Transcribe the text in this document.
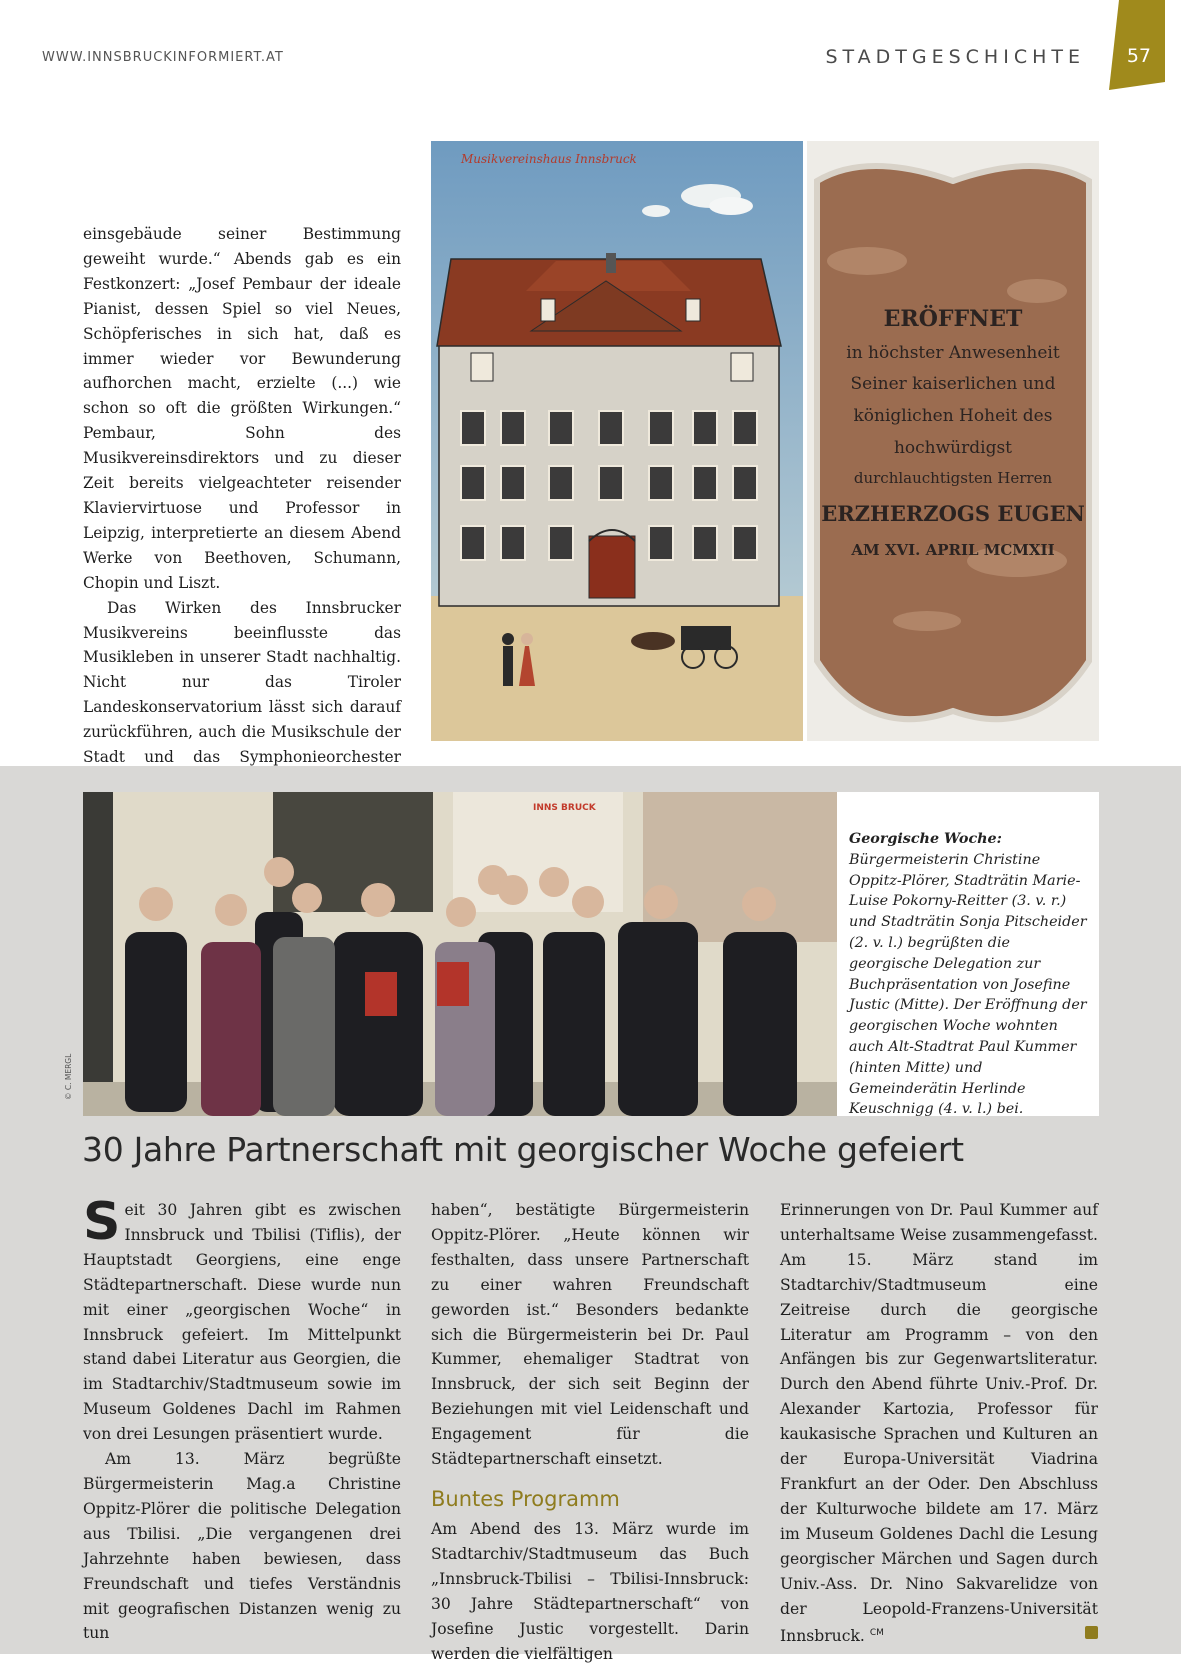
WWW.INNSBRUCKINFORMIERT.AT	STADTGESCHICHTE 57

einsgebäude seiner Bestimmung geweiht wurde.“ Abends gab es ein Festkonzert: „Josef Pembaur der ideale Pianist, dessen Spiel so viel Neues, Schöpferisches in sich hat, daß es immer wieder vor Bewunderung aufhorchen macht, erzielte (...) wie schon so oft die größten Wirkungen.“ Pembaur, Sohn des Musikvereinsdirektors und zu dieser Zeit bereits vielgeachteter reisender Klaviervirtuose und Professor in Leipzig, interpretierte an diesem Abend Werke von Beethoven, Schumann, Chopin und Liszt.

Das Wirken des Innsbrucker Musikvereins beeinflusste das Musikleben in unserer Stadt nachhaltig. Nicht nur das Tiroler Landeskonservatorium lässt sich darauf zurückführen, auch die Musikschule der Stadt und das Symphonieorchester

Musikvereinshaus Innsbruck
ERÖFFNET
in höchster Anwesenheit
Seiner kaiserlichen und
königlichen Hoheit des
hochwürdigst
durchlauchtigsten Herren
ERZHERZOGS EUGEN
AM XVI. APRIL MCMXII
INNS BRUCK
© C. MERGL
Georgische Woche: Bürgermeisterin Christine Oppitz-Plörer, Stadträtin Marie-Luise Pokorny-Reitter (3. v. r.) und Stadträtin Sonja Pitscheider (2. v. l.) begrüßten die georgische Delegation zur Buchpräsentation von Josefine Justic (Mitte). Der Eröffnung der georgischen Woche wohnten auch Alt-Stadtrat Paul Kummer (hinten Mitte) und Gemeinderätin Herlinde Keuschnigg (4. v. l.) bei.
30 Jahre Partnerschaft mit georgischer Woche gefeiert

Seit 30 Jahren gibt es zwischen Innsbruck und Tbilisi (Tiflis), der Hauptstadt Georgiens, eine enge Städtepartnerschaft. Diese wurde nun mit einer „georgischen Woche“ in Innsbruck gefeiert. Im Mittelpunkt stand dabei Literatur aus Georgien, die im Stadtarchiv/Stadtmuseum sowie im Museum Goldenes Dachl im Rahmen von drei Lesungen präsentiert wurde.

Am 13. März begrüßte Bürgermeisterin Mag.a Christine Oppitz-Plörer die politische Delegation aus Tbilisi. „Die vergangenen drei Jahrzehnte haben bewiesen, dass Freundschaft und tiefes Verständnis mit geografischen Distanzen wenig zu tun

haben“, bestätigte Bürgermeisterin Oppitz-Plörer. „Heute können wir festhalten, dass unsere Partnerschaft zu einer wahren Freundschaft geworden ist.“ Besonders bedankte sich die Bürgermeisterin bei Dr. Paul Kummer, ehemaliger Stadtrat von Innsbruck, der sich seit Beginn der Beziehungen mit viel Leidenschaft und Engagement für die Städtepartnerschaft einsetzt.

Buntes Programm

Am Abend des 13. März wurde im Stadtarchiv/Stadtmuseum das Buch „Innsbruck-Tbilisi – Tbilisi-Innsbruck: 30 Jahre Städtepartnerschaft“ von Josefine Justic vorgestellt. Darin werden die vielfältigen

Erinnerungen von Dr. Paul Kummer auf unterhaltsame Weise zusammengefasst. Am 15. März stand im Stadtarchiv/Stadtmuseum eine Zeitreise durch die georgische Literatur am Programm – von den Anfängen bis zur Gegenwartsliteratur. Durch den Abend führte Univ.-Prof. Dr. Alexander Kartozia, Professor für kaukasische Sprachen und Kulturen an der Europa-Universität Viadrina Frankfurt an der Oder. Den Abschluss der Kulturwoche bildete am 17. März im Museum Goldenes Dachl die Lesung georgischer Märchen und Sagen durch Univ.-Ass. Dr. Nino Sakvarelidze von der Leopold-Franzens-Universität Innsbruck. $^{CM}$
